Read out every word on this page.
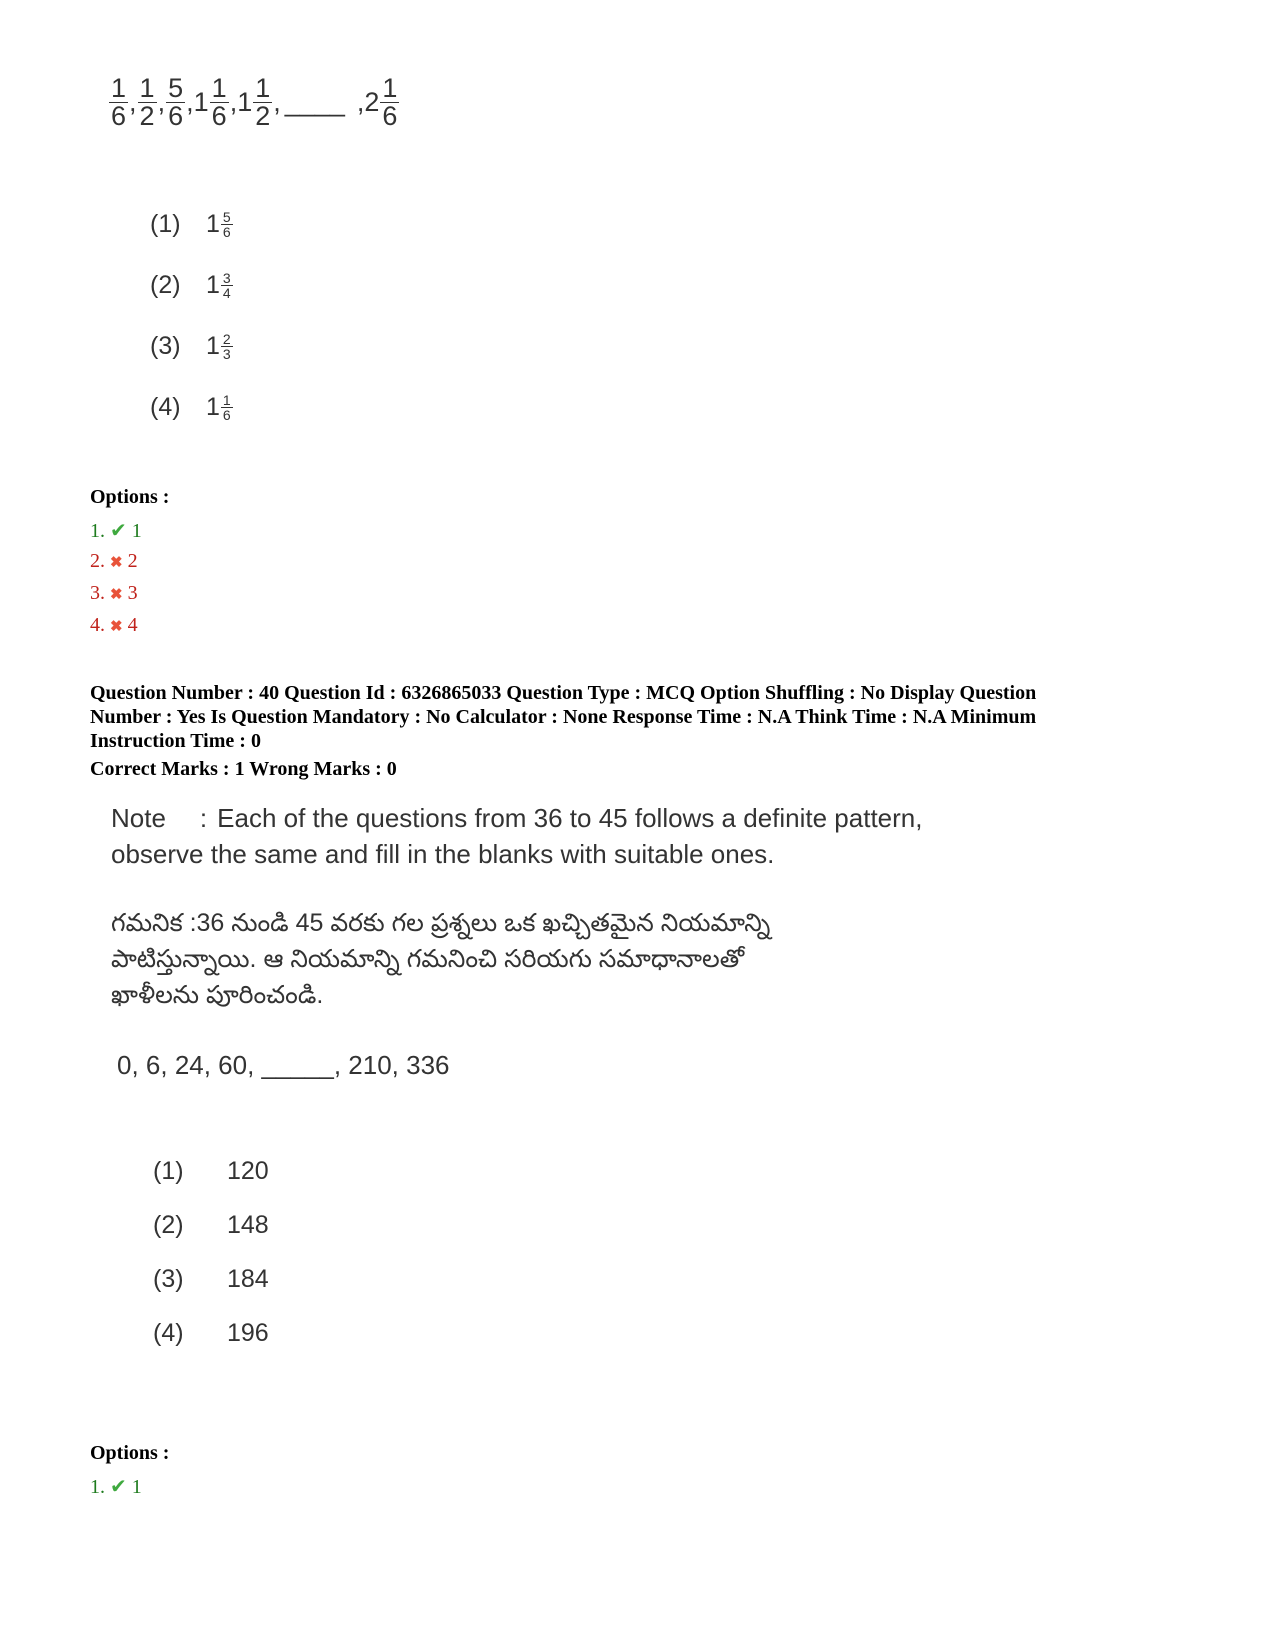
1
6 , 1
2 , 5
6 , 1 1
6 , 1 1
2 , ____ , 2 1
6
(1)	1 5
6
(2)	1 3
4
(3)	1 2
3
(4)	1 1
6
Options :
1. ✔ 1
2. ✖ 2
3. ✖ 3
4. ✖ 4
Question Number : 40 Question Id : 6326865033 Question Type : MCQ Option Shuffling : No Display Question
Number : Yes Is Question Mandatory : No Calculator : None Response Time : N.A Think Time : N.A Minimum
Instruction Time : 0
Correct Marks : 1 Wrong Marks : 0
Note : Each of the questions from 36 to 45 follows a definite pattern,
observe the same and fill in the blanks with suitable ones.
గమనిక :36 నుండి 45 వరకు గల ప్రశ్నలు ఒక ఖచ్చితమైన నియమాన్ని
పాటిస్తున్నాయి. ఆ నియమాన్ని గమనించి సరియగు సమాధానాలతో
ఖాళీలను పూరించండి.
0, 6, 24, 60, _____, 210, 336
(1) 120
(2) 148
(3) 184
(4) 196
Options :
1. ✔ 1
